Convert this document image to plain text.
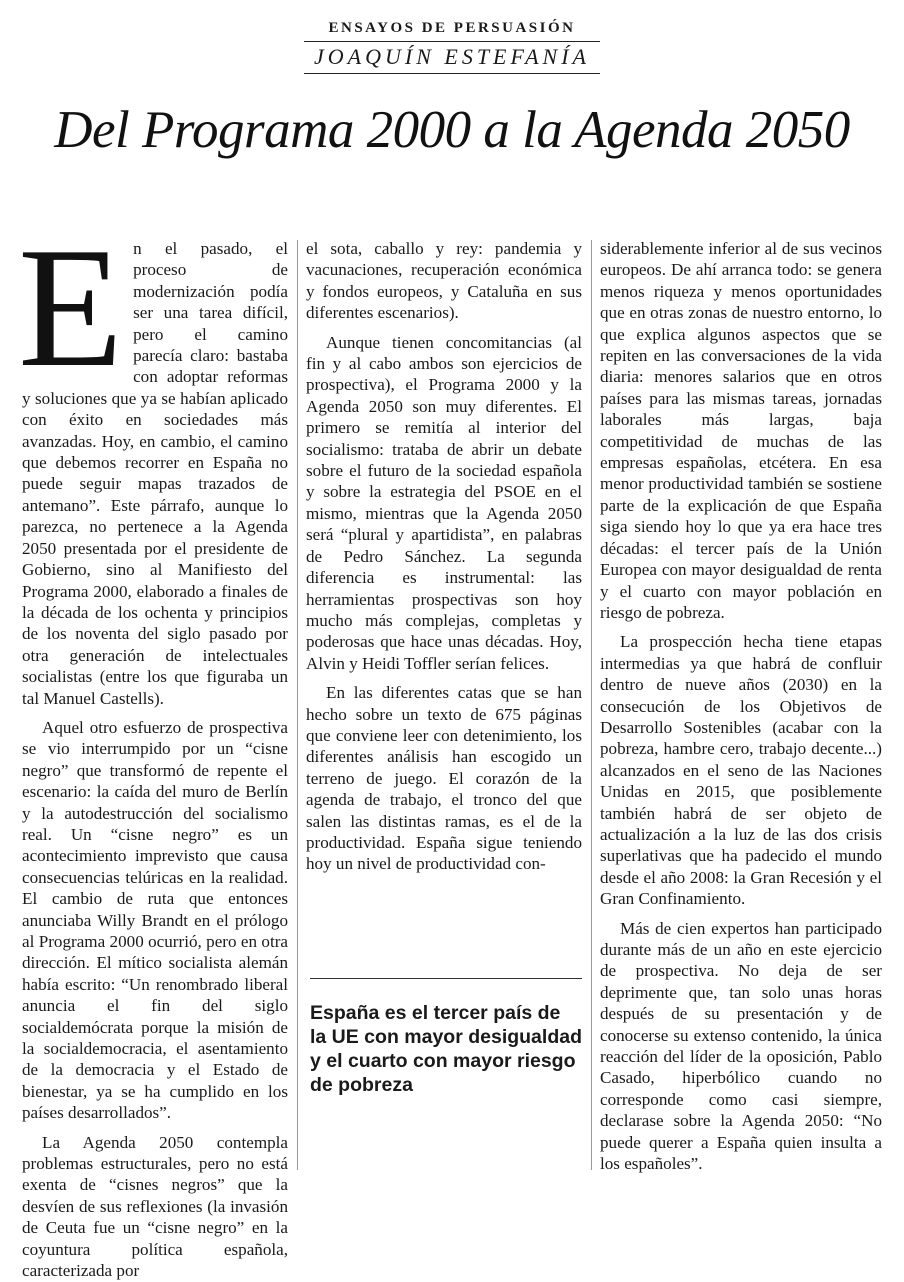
ENSAYOS DE PERSUASIÓN
JOAQUÍN ESTEFANÍA
Del Programa 2000 a la Agenda 2050
E n el pasado, el proceso de modernización podía ser una tarea difícil, pero el camino parecía claro: bastaba con adoptar reformas y soluciones que ya se habían aplicado con éxito en sociedades más avanzadas. Hoy, en cambio, el camino que debemos recorrer en España no puede seguir mapas trazados de antemano”. Este párrafo, aunque lo parezca, no pertenece a la Agenda 2050 presentada por el presidente de Gobierno, sino al Manifiesto del Programa 2000, elaborado a finales de la década de los ochenta y principios de los noventa del siglo pasado por otra generación de intelectuales socialistas (entre los que figuraba un tal Manuel Castells).

Aquel otro esfuerzo de prospectiva se vio interrumpido por un “cisne negro” que transformó de repente el escenario: la caída del muro de Berlín y la autodestrucción del socialismo real. Un “cisne negro” es un acontecimiento imprevisto que causa consecuencias telúricas en la realidad. El cambio de ruta que entonces anunciaba Willy Brandt en el prólogo al Programa 2000 ocurrió, pero en otra dirección. El mítico socialista alemán había escrito: “Un renombrado liberal anuncia el fin del siglo socialdemócrata porque la misión de la socialdemocracia, el asentamiento de la democracia y el Estado de bienestar, ya se ha cumplido en los países desarrollados”.

La Agenda 2050 contempla problemas estructurales, pero no está exenta de “cisnes negros” que la desvíen de sus reflexiones (la invasión de Ceuta fue un “cisne negro” en la coyuntura política española, caracterizada por

el sota, caballo y rey: pandemia y vacunaciones, recuperación económica y fondos europeos, y Cataluña en sus diferentes escenarios).

Aunque tienen concomitancias (al fin y al cabo ambos son ejercicios de prospectiva), el Programa 2000 y la Agenda 2050 son muy diferentes. El primero se remitía al interior del socialismo: trataba de abrir un debate sobre el futuro de la sociedad española y sobre la estrategia del PSOE en el mismo, mientras que la Agenda 2050 será “plural y apartidista”, en palabras de Pedro Sánchez. La segunda diferencia es instrumental: las herramientas prospectivas son hoy mucho más complejas, completas y poderosas que hace unas décadas. Hoy, Alvin y Heidi Toffler serían felices.

En las diferentes catas que se han hecho sobre un texto de 675 páginas que conviene leer con detenimiento, los diferentes análisis han escogido un terreno de juego. El corazón de la agenda de trabajo, el tronco del que salen las distintas ramas, es el de la productividad. España sigue teniendo hoy un nivel de productividad con-

siderablemente inferior al de sus vecinos europeos. De ahí arranca todo: se genera menos riqueza y menos oportunidades que en otras zonas de nuestro entorno, lo que explica algunos aspectos que se repiten en las conversaciones de la vida diaria: menores salarios que en otros países para las mismas tareas, jornadas laborales más largas, baja competitividad de muchas de las empresas españolas, etcétera. En esa menor productividad también se sostiene parte de la explicación de que España siga siendo hoy lo que ya era hace tres décadas: el tercer país de la Unión Europea con mayor desigualdad de renta y el cuarto con mayor población en riesgo de pobreza.

La prospección hecha tiene etapas intermedias ya que habrá de confluir dentro de nueve años (2030) en la consecución de los Objetivos de Desarrollo Sostenibles (acabar con la pobreza, hambre cero, trabajo decente...) alcanzados en el seno de las Naciones Unidas en 2015, que posiblemente también habrá de ser objeto de actualización a la luz de las dos crisis superlativas que ha padecido el mundo desde el año 2008: la Gran Recesión y el Gran Confinamiento.

Más de cien expertos han participado durante más de un año en este ejercicio de prospectiva. No deja de ser deprimente que, tan solo unas horas después de su presentación y de conocerse su extenso contenido, la única reacción del líder de la oposición, Pablo Casado, hiperbólico cuando no corresponde como casi siempre, declarase sobre la Agenda 2050: “No puede querer a España quien insulta a los españoles”.

España es el tercer país de la UE con mayor desigualdad y el cuarto con mayor riesgo de pobreza
